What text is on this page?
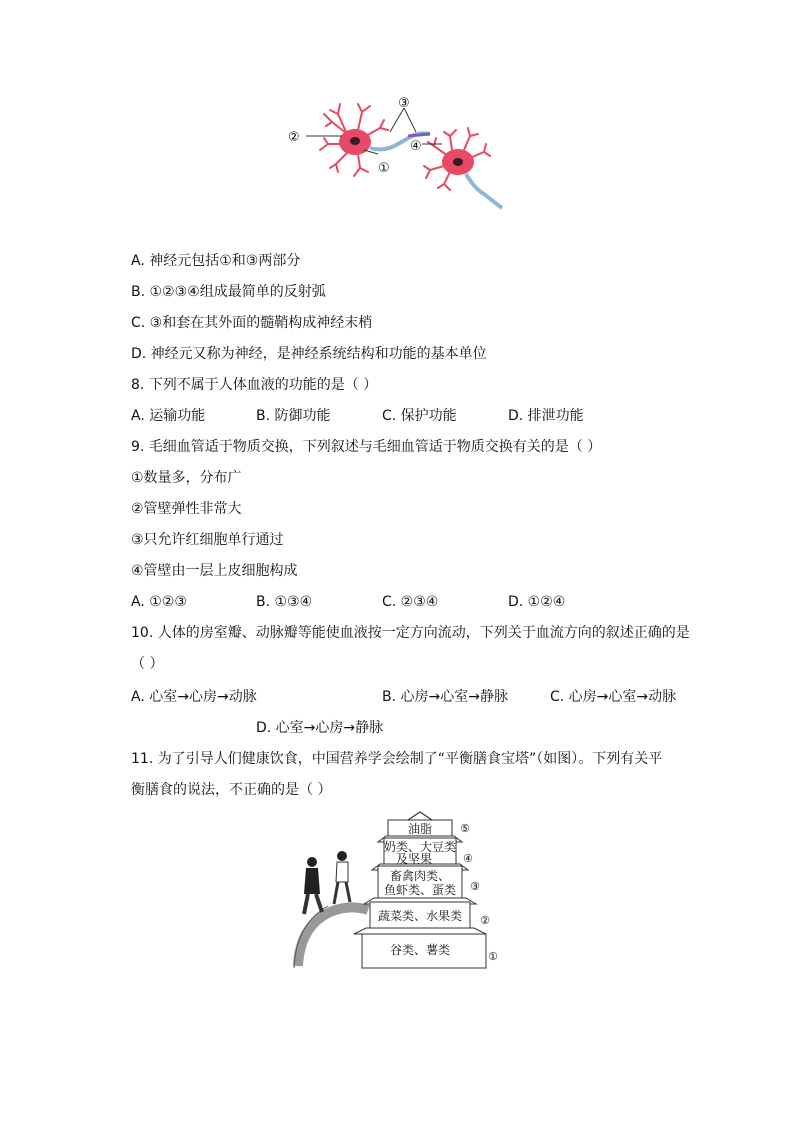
②
③
④
①
A. 神经元包括①和③两部分
B. ①②③④组成最简单的反射弧
C. ③和套在其外面的髓鞘构成神经末梢
D. 神经元又称为神经，是神经系统结构和功能的基本单位
8. 下列不属于人体血液的功能的是（ ）
A. 运输功能	B. 防御功能	C. 保护功能	D. 排泄功能
9. 毛细血管适于物质交换，下列叙述与毛细血管适于物质交换有关的是（ ）
①数量多，分布广
②管壁弹性非常大
③只允许红细胞单行通过
④管壁由一层上皮细胞构成
A. ①②③	B. ①③④	C. ②③④	D. ①②④
10. 人体的房室瓣、动脉瓣等能使血液按一定方向流动，下列关于血流方向的叙述正确的是
（ ）
A. 心室→心房→动脉	B. 心房→心室→静脉	C. 心房→心室→动脉
D. 心室→心房→静脉
11. 为了引导人们健康饮食，中国营养学会绘制了“平衡膳食宝塔”（如图）。下列有关平
衡膳食的说法，不正确的是（ ）
油脂
奶类、大豆类
及坚果
畜禽肉类、
鱼虾类、蛋类
蔬菜类、水果类
谷类、薯类
⑤
④
③
②
①
